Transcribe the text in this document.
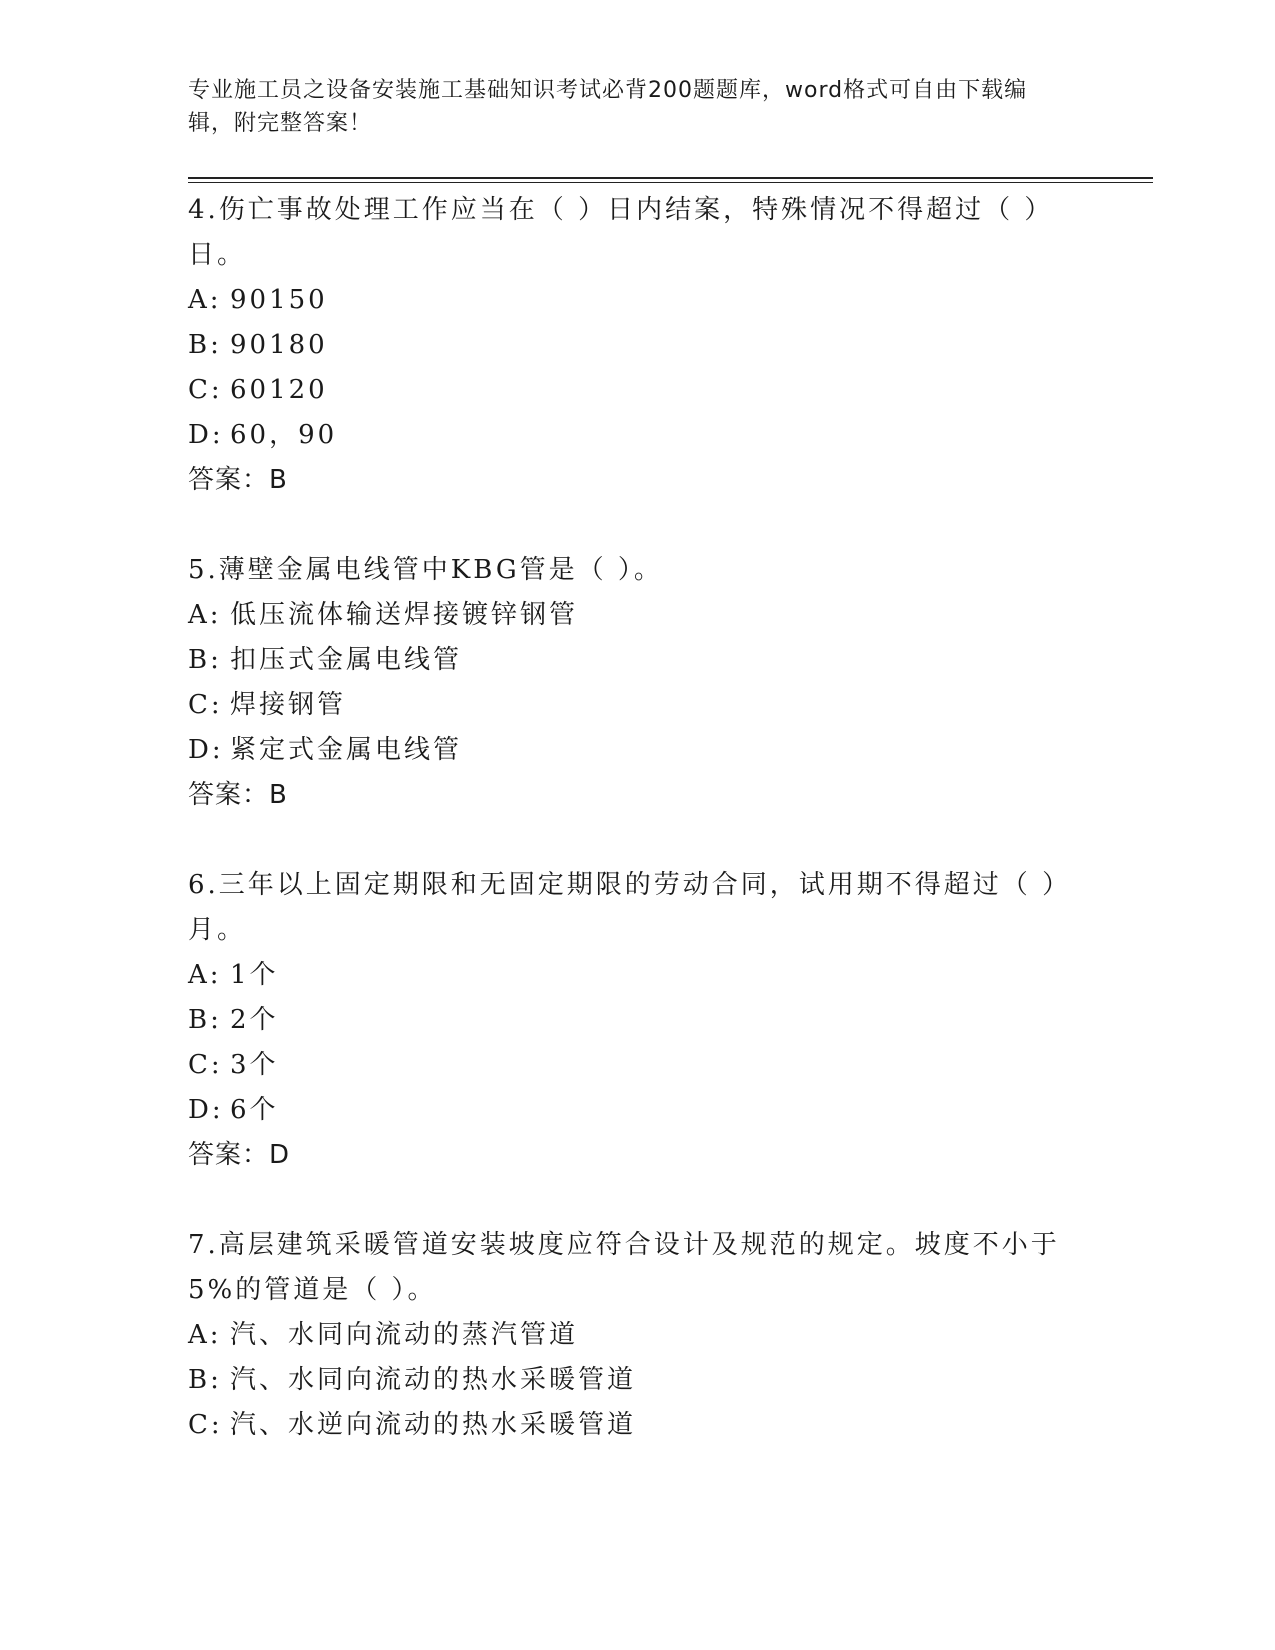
专业施工员之设备安装施工基础知识考试必背200题题库，word格式可自由下载编辑，附完整答案！

4.伤亡事故处理工作应当在（ ）日内结案，特殊情况不得超过（ ）日。

A: 90150

B: 90180

C: 60120

D: 60，90

答案：B

5.薄壁金属电线管中KBG管是（ ）。

A: 低压流体输送焊接镀锌钢管

B: 扣压式金属电线管

C: 焊接钢管

D: 紧定式金属电线管

答案：B

6.三年以上固定期限和无固定期限的劳动合同，试用期不得超过（ ）月。

A: 1个

B: 2个

C: 3个

D: 6个

答案：D

7.高层建筑采暖管道安装坡度应符合设计及规范的规定。坡度不小于5%的管道是（ ）。

A: 汽、水同向流动的蒸汽管道

B: 汽、水同向流动的热水采暖管道

C: 汽、水逆向流动的热水采暖管道
